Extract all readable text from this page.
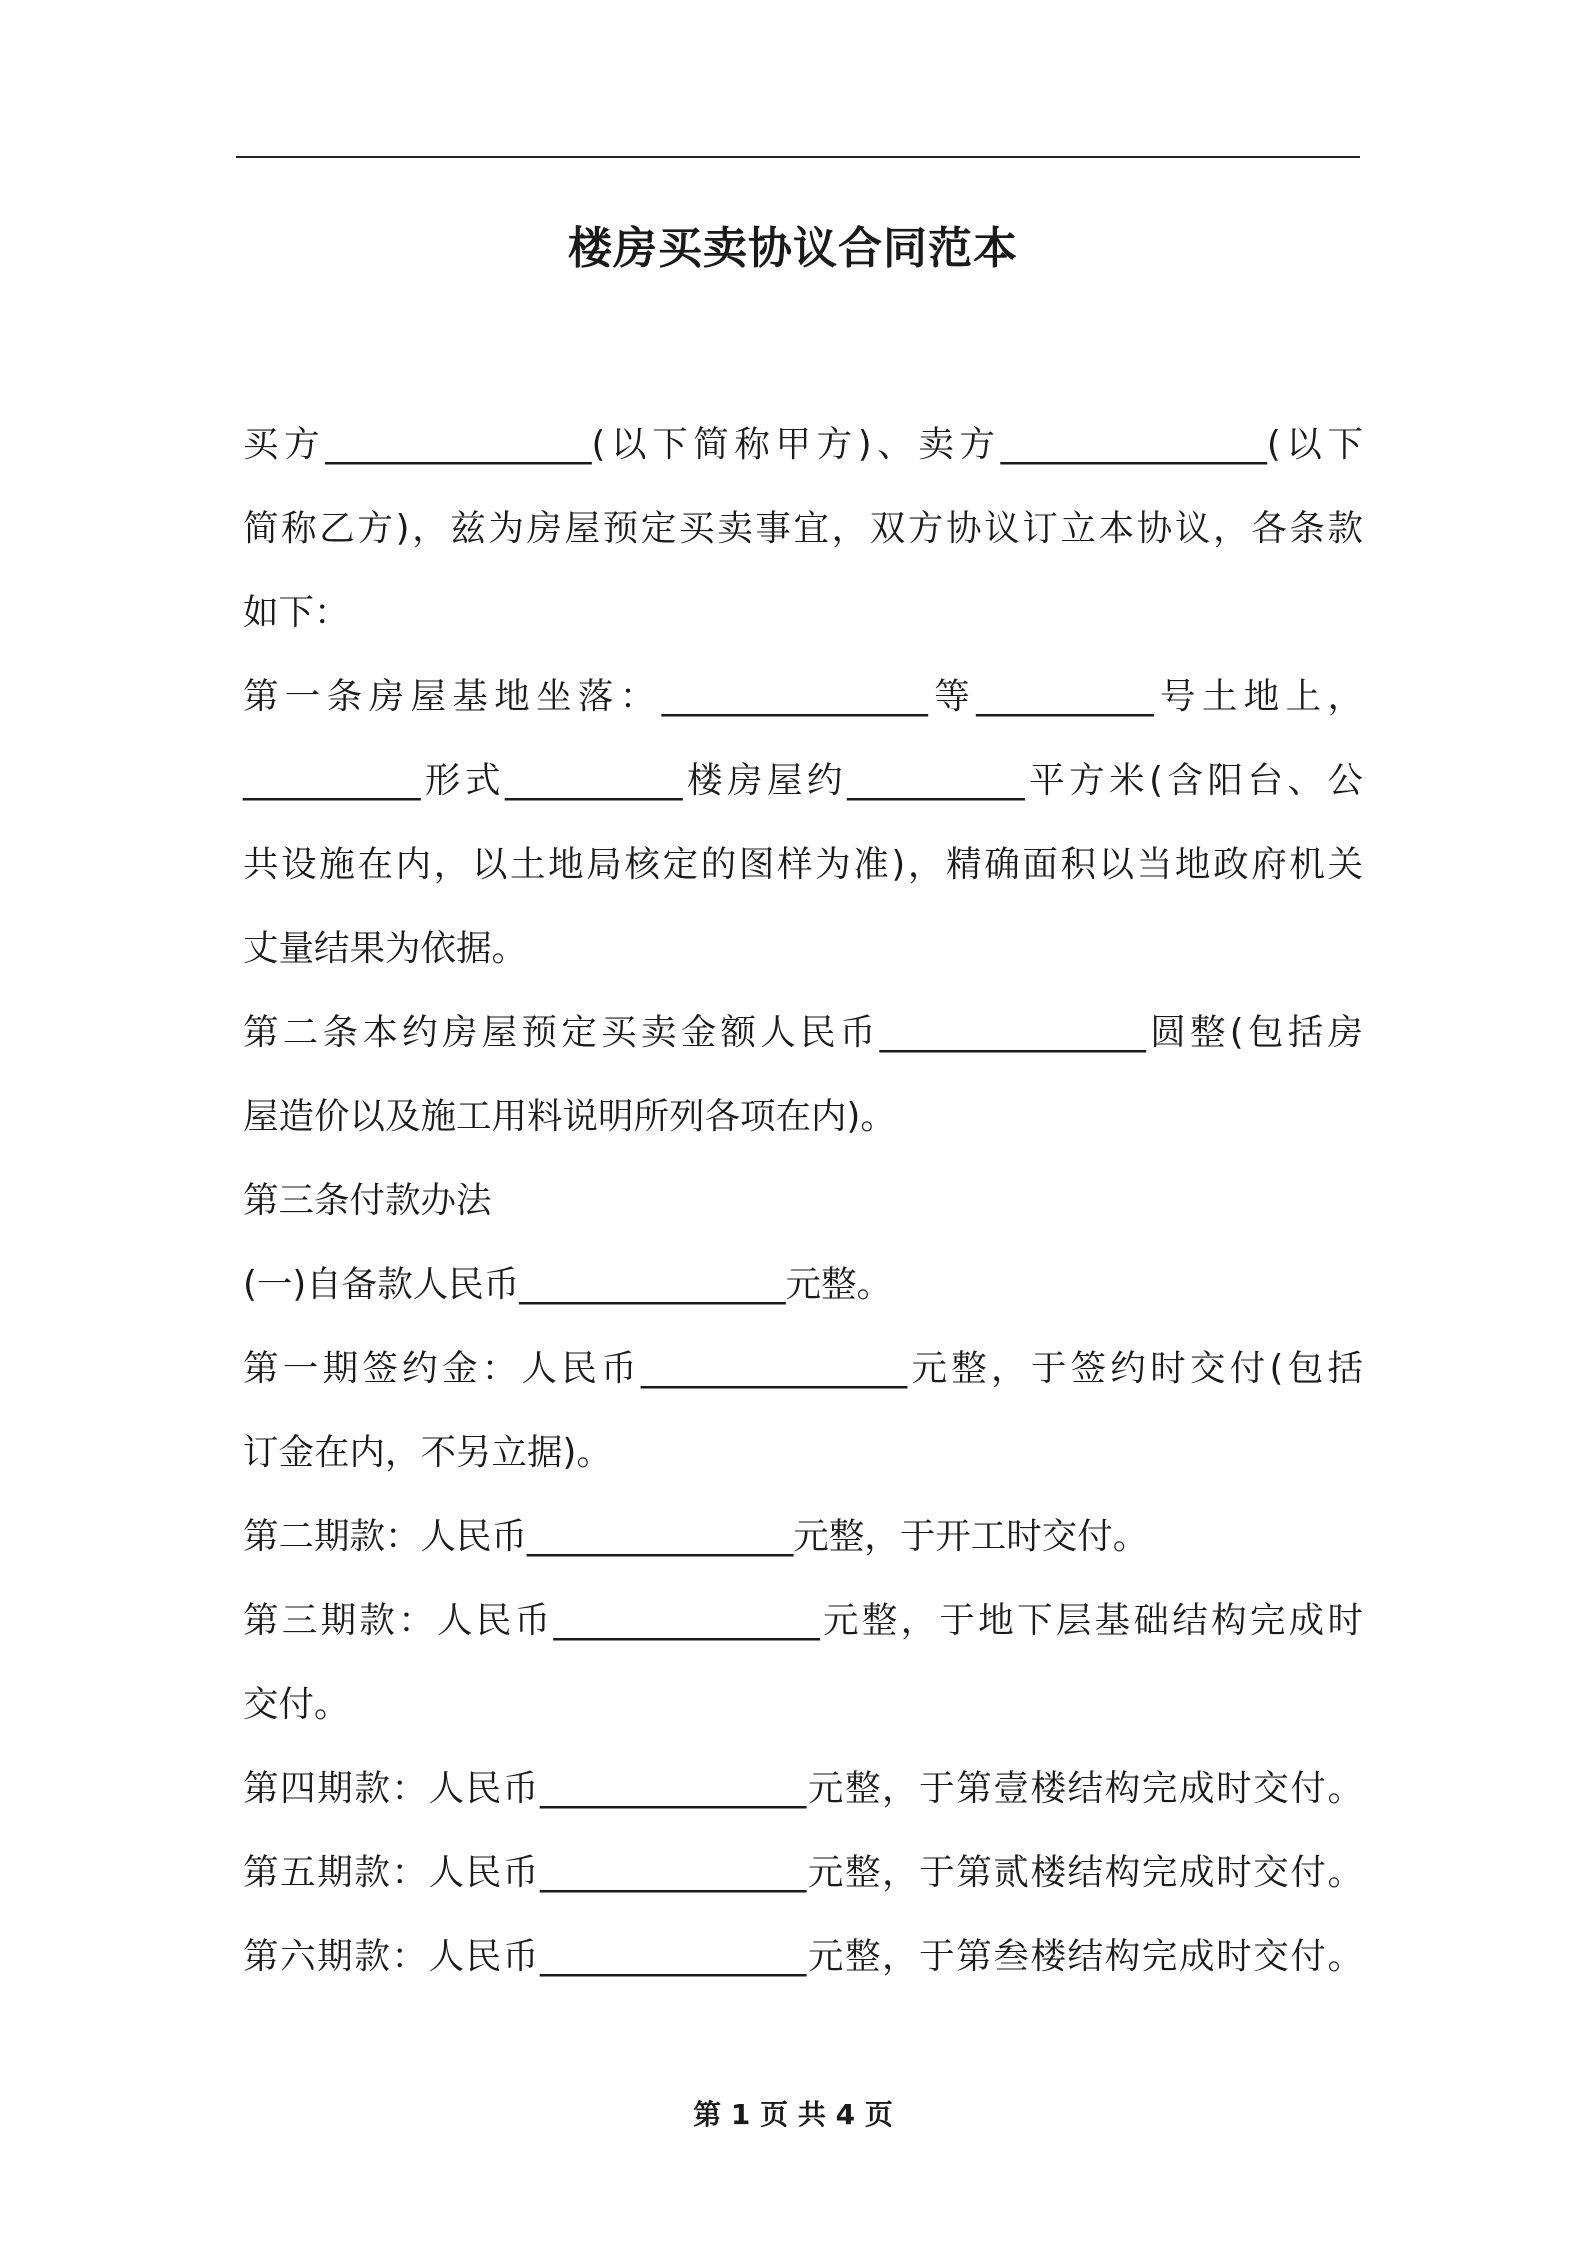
楼房买卖协议合同范本
买方_______________(以下简称甲方)、卖方_______________(以下
简称乙方)，兹为房屋预定买卖事宜，双方协议订立本协议，各条款
如下：
第一条房屋基地坐落：_______________等__________号土地上，
__________形式__________楼房屋约__________平方米(含阳台、公
共设施在内，以土地局核定的图样为准)，精确面积以当地政府机关
丈量结果为依据。
第二条本约房屋预定买卖金额人民币_______________圆整(包括房
屋造价以及施工用料说明所列各项在内)。
第三条付款办法
(一)自备款人民币_______________元整。
第一期签约金：人民币_______________元整，于签约时交付(包括
订金在内，不另立据)。
第二期款：人民币_______________元整，于开工时交付。
第三期款：人民币_______________元整，于地下层基础结构完成时
交付。
第四期款：人民币_______________元整，于第壹楼结构完成时交付。
第五期款：人民币_______________元整，于第贰楼结构完成时交付。
第六期款：人民币_______________元整，于第叁楼结构完成时交付。
第 1 页 共 4 页
